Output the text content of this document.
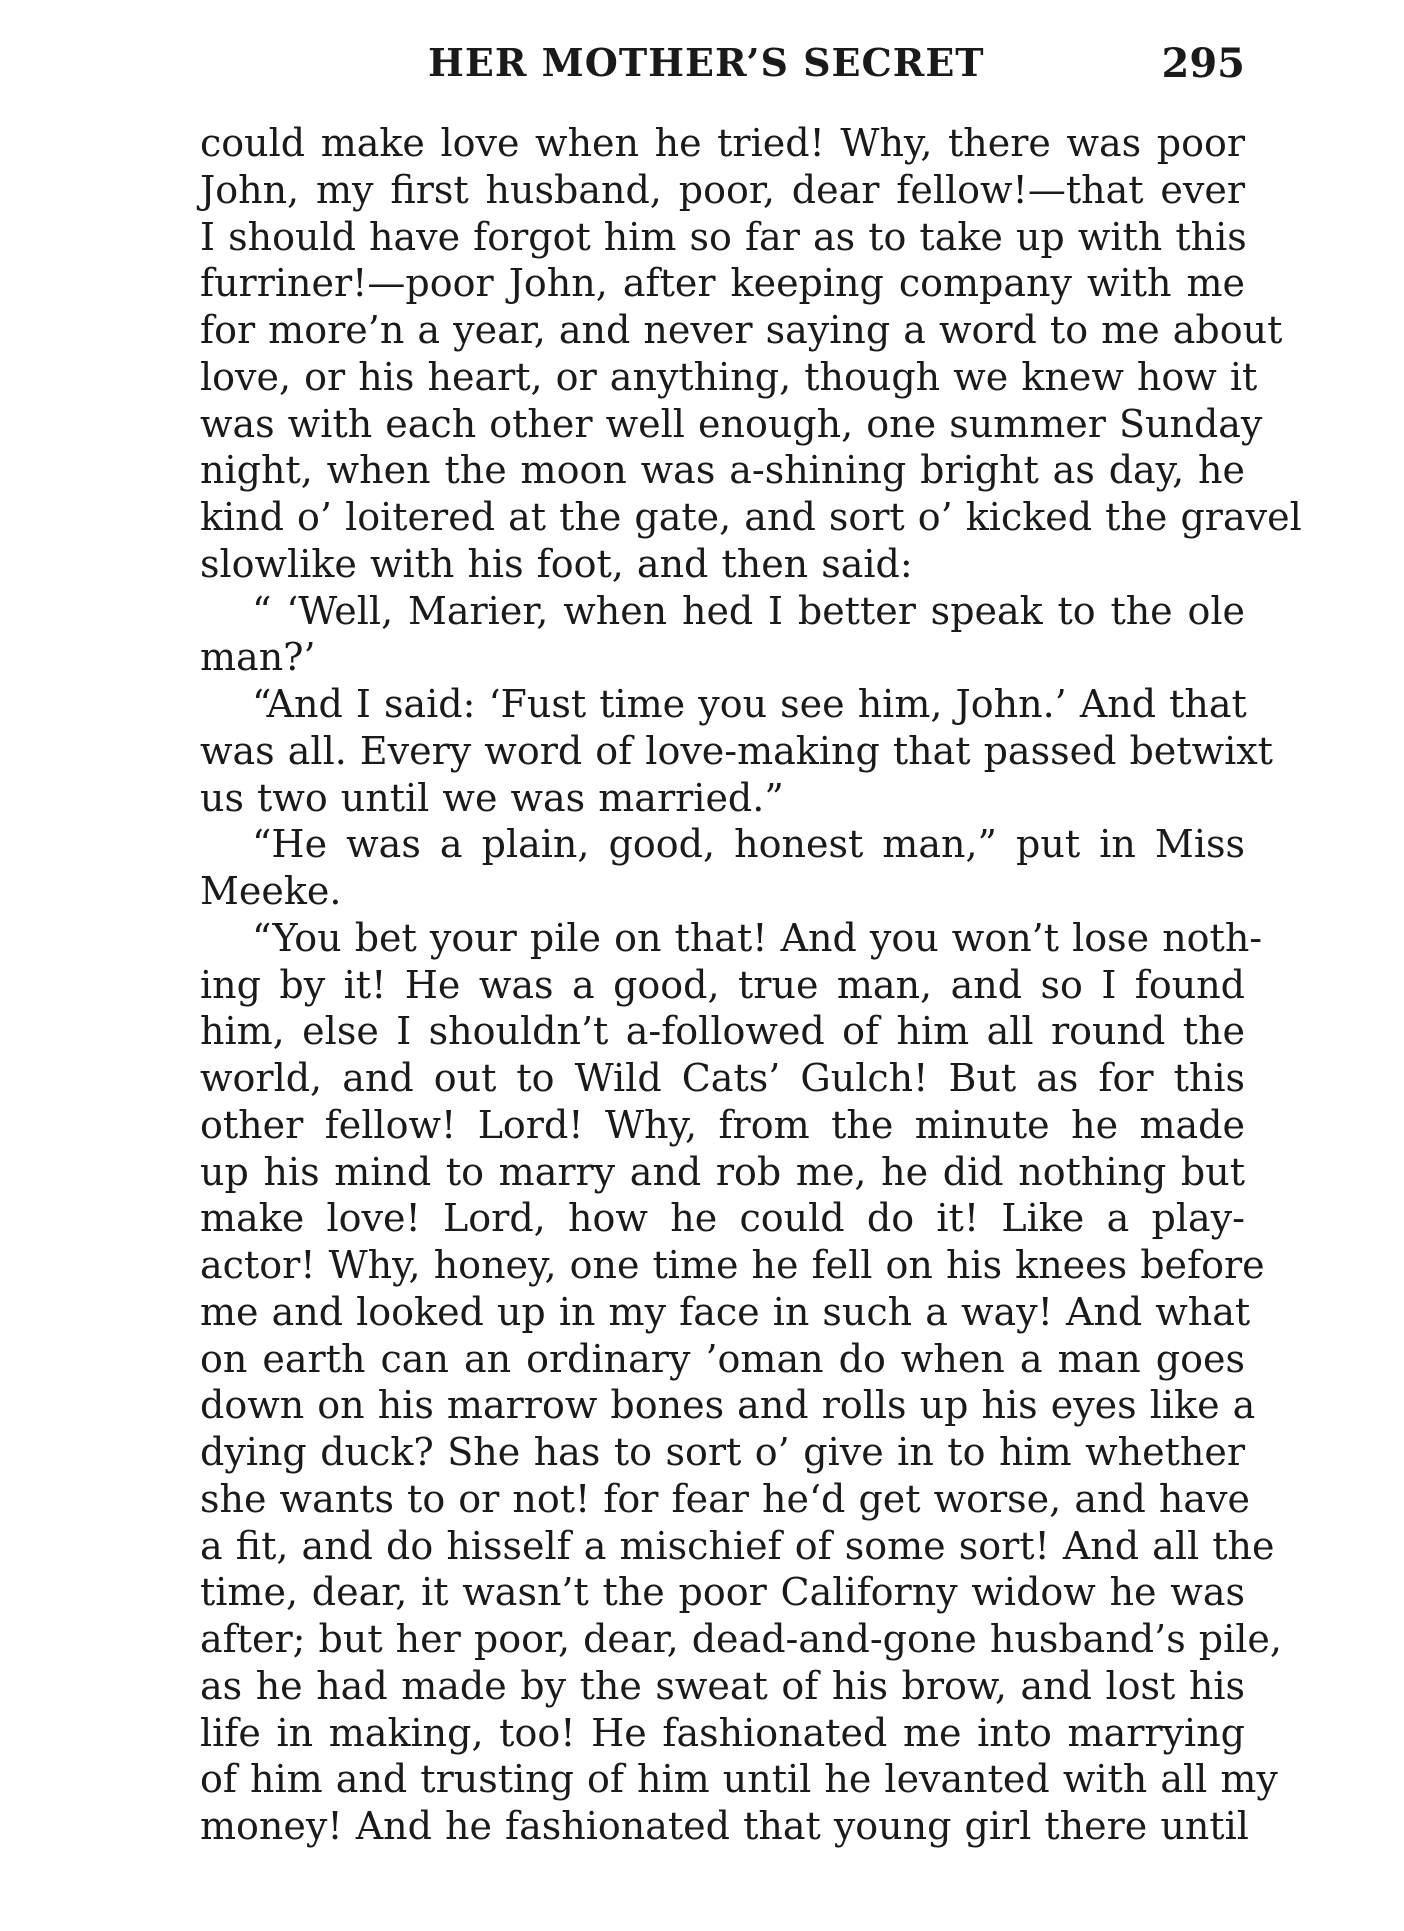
HER MOTHER’S SECRET	295
could make love when he tried! Why, there was poor
John, my first husband, poor, dear fellow!—that ever
I should have forgot him so far as to take up with this
furriner!—poor John, after keeping company with me
for more’n a year, and never saying a word to me about
love, or his heart, or anything, though we knew how it
was with each other well enough, one summer Sunday
night, when the moon was a-shining bright as day, he
kind o’ loitered at the gate, and sort o’ kicked the gravel
slowlike with his foot, and then said:
“ ‘Well, Marier, when hed I better speak to the ole
man?’
“And I said: ‘Fust time you see him, John.’ And that
was all. Every word of love-making that passed betwixt
us two until we was married.”
“He was a plain, good, honest man,” put in Miss
Meeke.
“You bet your pile on that! And you won’t lose noth-
ing by it! He was a good, true man, and so I found
him, else I shouldn’t a-followed of him all round the
world, and out to Wild Cats’ Gulch! But as for this
other fellow! Lord! Why, from the minute he made
up his mind to marry and rob me, he did nothing but
make love! Lord, how he could do it! Like a play-
actor! Why, honey, one time he fell on his knees before
me and looked up in my face in such a way! And what
on earth can an ordinary ’oman do when a man goes
down on his marrow bones and rolls up his eyes like a
dying duck? She has to sort o’ give in to him whether
she wants to or not! for fear he‘d get worse, and have
a fit, and do hisself a mischief of some sort! And all the
time, dear, it wasn’t the poor Californy widow he was
after; but her poor, dear, dead-and-gone husband’s pile,
as he had made by the sweat of his brow, and lost his
life in making, too! He fashionated me into marrying
of him and trusting of him until he levanted with all my
money! And he fashionated that young girl there until
